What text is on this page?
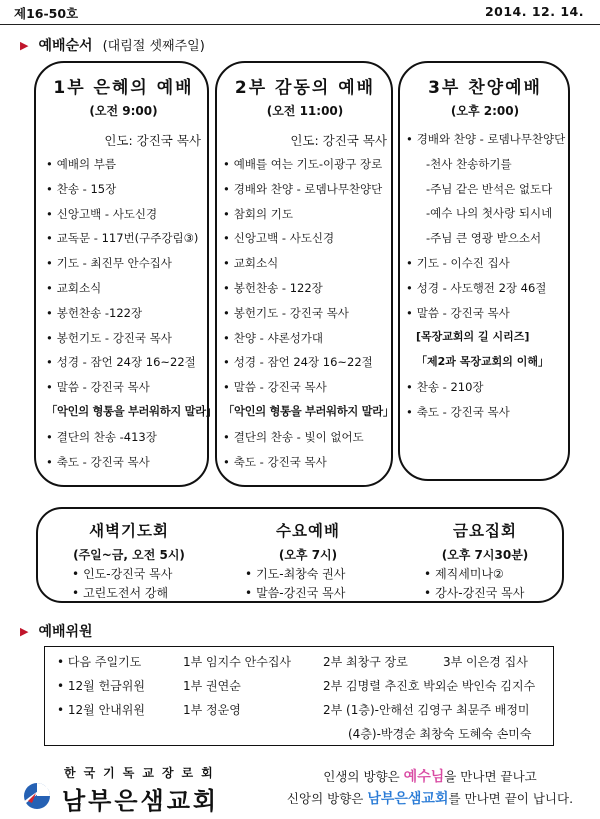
제16-50호	2014. 12. 14.
▶ 예배순서 (대림절 셋째주일)
1부 은혜의 예배
(오전 9:00)
인도: 강진국 목사
• 예배의 부름
• 찬송 - 15장
• 신앙고백 - 사도신경
• 교독문 - 117번(구주강림③)
• 기도 - 최진무 안수집사
• 교회소식
• 봉헌찬송 -122장
• 봉헌기도 - 강진국 목사
• 성경 - 잠언 24장 16~22절
• 말씀 - 강진국 목사
「악인의 형통을 부러워하지 말라」
• 결단의 찬송 -413장
• 축도 - 강진국 목사
2부 감동의 예배
(오전 11:00)
인도: 강진국 목사
• 예배를 여는 기도-이광구 장로
• 경배와 찬양 - 로뎀나무찬양단
• 참회의 기도
• 신앙고백 - 사도신경
• 교회소식
• 봉헌찬송 - 122장
• 봉헌기도 - 강진국 목사
• 찬양 - 샤론성가대
• 성경 - 잠언 24장 16~22절
• 말씀 - 강진국 목사
「악인의 형통을 부러워하지 말라」
• 결단의 찬송 - 빛이 없어도
• 축도 - 강진국 목사
3부 찬양예배
(오후 2:00)
• 경배와 찬양 - 로뎀나무찬양단
-천사 찬송하기를
-주님 같은 반석은 없도다
-예수 나의 첫사랑 되시네
-주님 큰 영광 받으소서
• 기도 - 이수진 집사
• 성경 - 사도행전 2장 46절
• 말씀 - 강진국 목사
[목장교회의 길 시리즈]
「제2과 목장교회의 이해」
• 찬송 - 210장
• 축도 - 강진국 목사
새벽기도회
(주일~금, 오전 5시)
• 인도-강진국 목사
• 고린도전서 강해
수요예배
(오후 7시)
• 기도-최창숙 권사
• 말씀-강진국 목사
금요집회
(오후 7시30분)
• 제직세미나②
• 강사-강진국 목사
▶ 예배위원
• 다음 주일기도	1부 임지수 안수집사	2부 최창구 장로	3부 이은경 집사
• 12월 헌금위원	1부 권연순	2부 김명렬 추진호 박외순 박인숙 김지수
• 12월 안내위원	1부 정운영	2부 (1층)-안해선 김영구 최문주 배정미
(4층)-박경순 최창숙 도혜숙 손미숙
한국기독교장로회
남부은샘교회
인생의 방향은 예수님을 만나면 끝나고
신앙의 방향은 남부은샘교회를 만나면 끝이 납니다.
